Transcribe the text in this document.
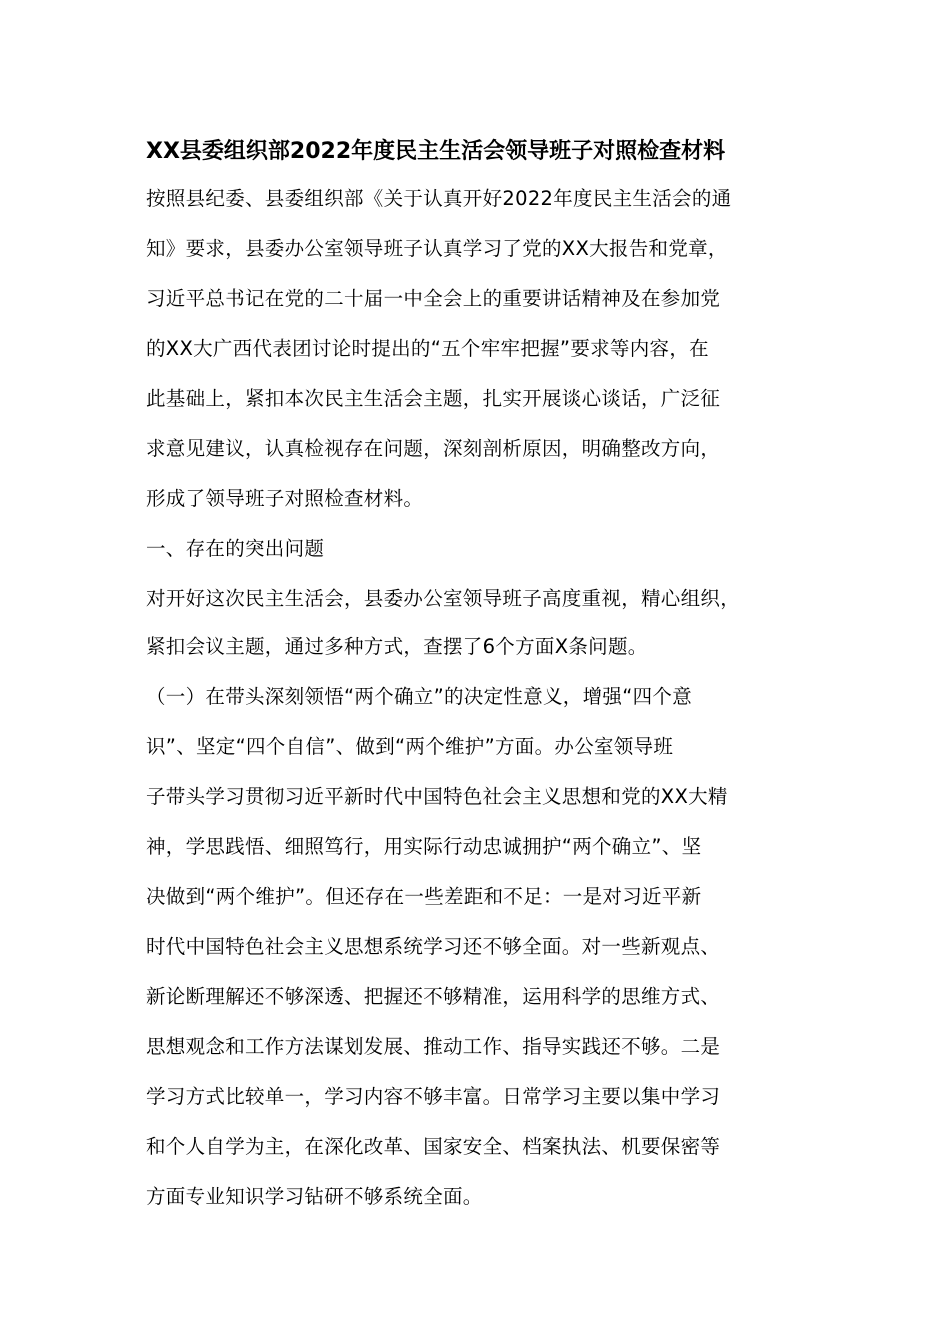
XX县委组织部2022年度民主生活会领导班子对照检查材料
按照县纪委、县委组织部《关于认真开好2022年度民主生活会的通
知》要求，县委办公室领导班子认真学习了党的XX大报告和党章，
习近平总书记在党的二十届一中全会上的重要讲话精神及在参加党
的XX大广西代表团讨论时提出的“五个牢牢把握”要求等内容，在
此基础上，紧扣本次民主生活会主题，扎实开展谈心谈话，广泛征
求意见建议，认真检视存在问题，深刻剖析原因，明确整改方向，
形成了领导班子对照检查材料。
一、存在的突出问题
对开好这次民主生活会，县委办公室领导班子高度重视，精心组织，
紧扣会议主题，通过多种方式，查摆了6个方面X条问题。
（一）在带头深刻领悟“两个确立”的决定性意义，增强“四个意
识”、坚定“四个自信”、做到“两个维护”方面。办公室领导班
子带头学习贯彻习近平新时代中国特色社会主义思想和党的XX大精
神，学思践悟、细照笃行，用实际行动忠诚拥护“两个确立”、坚
决做到“两个维护”。但还存在一些差距和不足：一是对习近平新
时代中国特色社会主义思想系统学习还不够全面。对一些新观点、
新论断理解还不够深透、把握还不够精准，运用科学的思维方式、
思想观念和工作方法谋划发展、推动工作、指导实践还不够。二是
学习方式比较单一，学习内容不够丰富。日常学习主要以集中学习
和个人自学为主，在深化改革、国家安全、档案执法、机要保密等
方面专业知识学习钻研不够系统全面。
